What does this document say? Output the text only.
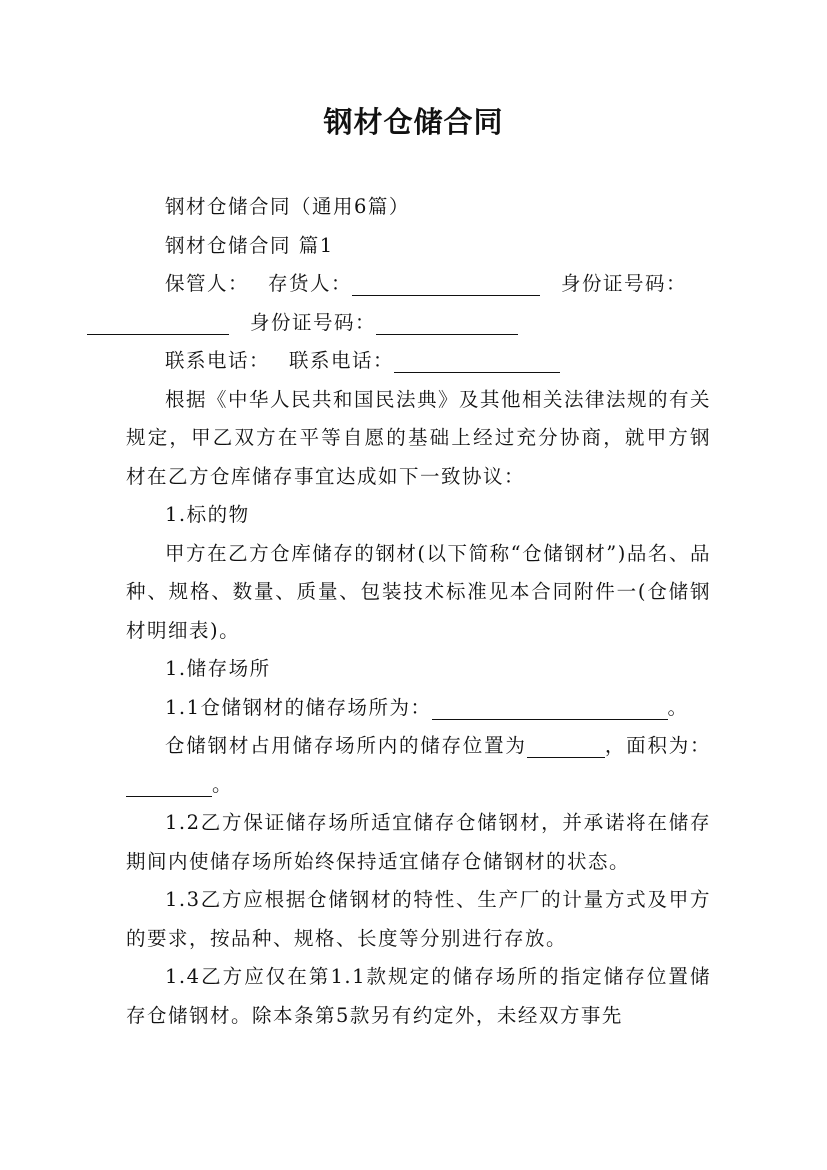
钢材仓储合同

钢材仓储合同（通用6篇）

钢材仓储合同 篇1

保管人：　 存货人：	　身份证号码：
　身份证号码：

联系电话：　 联系电话：

根据《中华人民共和国民法典》及其他相关法律法规的有关规定，甲乙双方在平等自愿的基础上经过充分协商，就甲方钢材在乙方仓库储存事宜达成如下一致协议：

1.标的物

甲方在乙方仓库储存的钢材(以下简称“仓储钢材”)品名、品种、规格、数量、质量、包装技术标准见本合同附件一(仓储钢材明细表)。

1.储存场所

1.1仓储钢材的储存场所为：	。

仓储钢材占用储存场所内的储存位置为	，面积为：。

1.2乙方保证储存场所适宜储存仓储钢材，并承诺将在储存期间内使储存场所始终保持适宜储存仓储钢材的状态。

1.3乙方应根据仓储钢材的特性、生产厂的计量方式及甲方的要求，按品种、规格、长度等分别进行存放。

1.4乙方应仅在第1.1款规定的储存场所的指定储存位置储存仓储钢材。除本条第5款另有约定外，未经双方事先
